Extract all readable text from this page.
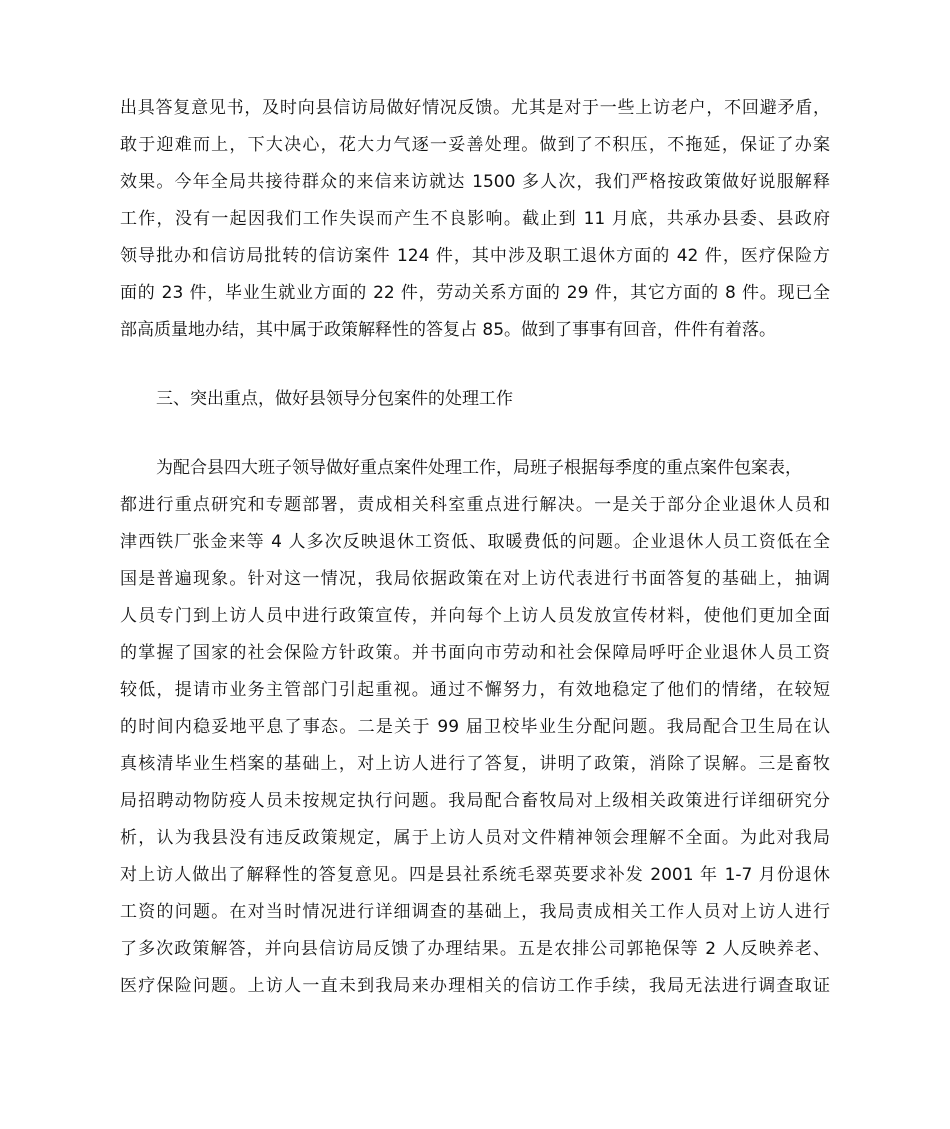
出具答复意见书，及时向县信访局做好情况反馈。尤其是对于一些上访老户，不回避矛盾，
敢于迎难而上，下大决心，花大力气逐一妥善处理。做到了不积压，不拖延，保证了办案
效果。今年全局共接待群众的来信来访就达 1500 多人次，我们严格按政策做好说服解释
工作，没有一起因我们工作失误而产生不良影响。截止到 11 月底，共承办县委、县政府
领导批办和信访局批转的信访案件 124 件，其中涉及职工退休方面的 42 件，医疗保险方
面的 23 件，毕业生就业方面的 22 件，劳动关系方面的 29 件，其它方面的 8 件。现已全
部高质量地办结，其中属于政策解释性的答复占 85。做到了事事有回音，件件有着落。
三、突出重点，做好县领导分包案件的处理工作
为配合县四大班子领导做好重点案件处理工作，局班子根据每季度的重点案件包案表，
都进行重点研究和专题部署，责成相关科室重点进行解决。一是关于部分企业退休人员和
津西铁厂张金来等 4 人多次反映退休工资低、取暖费低的问题。企业退休人员工资低在全
国是普遍现象。针对这一情况，我局依据政策在对上访代表进行书面答复的基础上，抽调
人员专门到上访人员中进行政策宣传，并向每个上访人员发放宣传材料，使他们更加全面
的掌握了国家的社会保险方针政策。并书面向市劳动和社会保障局呼吁企业退休人员工资
较低，提请市业务主管部门引起重视。通过不懈努力，有效地稳定了他们的情绪，在较短
的时间内稳妥地平息了事态。二是关于 99 届卫校毕业生分配问题。我局配合卫生局在认
真核清毕业生档案的基础上，对上访人进行了答复，讲明了政策，消除了误解。三是畜牧
局招聘动物防疫人员未按规定执行问题。我局配合畜牧局对上级相关政策进行详细研究分
析，认为我县没有违反政策规定，属于上访人员对文件精神领会理解不全面。为此对我局
对上访人做出了解释性的答复意见。四是县社系统毛翠英要求补发 2001 年 1-7 月份退休
工资的问题。在对当时情况进行详细调查的基础上，我局责成相关工作人员对上访人进行
了多次政策解答，并向县信访局反馈了办理结果。五是农排公司郭艳保等 2 人反映养老、
医疗保险问题。上访人一直未到我局来办理相关的信访工作手续，我局无法进行调查取证
